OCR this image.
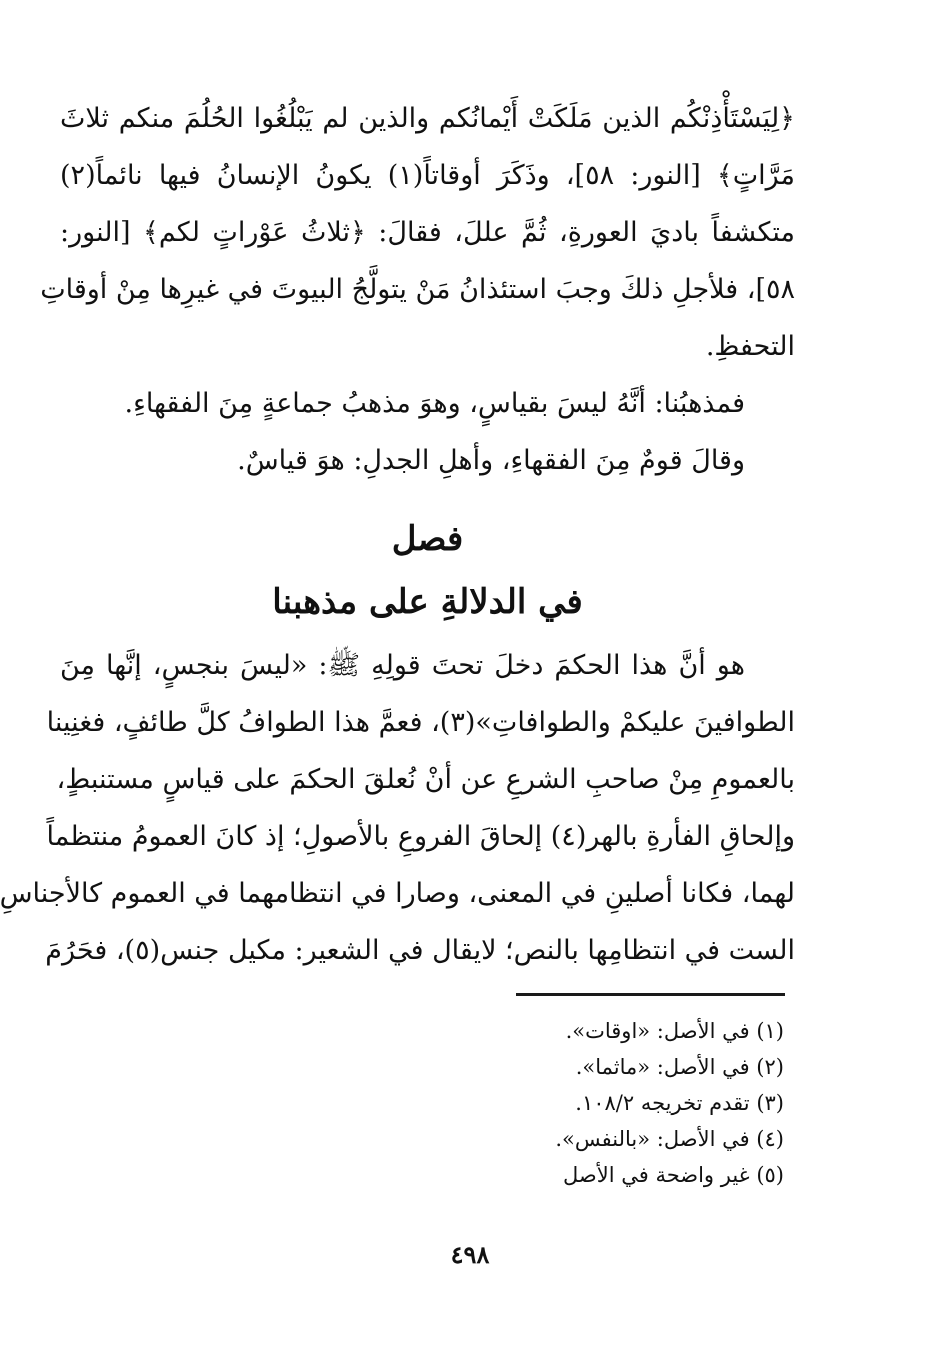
﴿لِيَسْتَأْذِنْكُم الذين مَلَكَتْ أَيْمانُكم والذين لم يَبْلُغُوا الحُلُمَ منكم ثلاثَ
مَرَّاتٍ﴾ [النور: ٥٨]، وذَكَرَ أوقاتاً(١) يكونُ الإنسانُ فيها نائماً(٢)
متكشفاً باديَ العورةِ، ثُمَّ عللَ، فقالَ: ﴿ثلاثُ عَوْراتٍ لكم﴾ [النور:
٥٨]، فلأجلِ ذلكَ وجبَ استئذانُ مَنْ يتولَّجُ البيوتَ في غيرِها مِنْ أوقاتِ
التحفظِ.

فمذهبُنا: أنَّهُ ليسَ بقياسٍ، وهوَ مذهبُ جماعةٍ مِنَ الفقهاءِ.

وقالَ قومٌ مِنَ الفقهاءِ، وأهلِ الجدلِ: هوَ قياسٌ.

فصل
في الدلالةِ على مذهبنا

هو أنَّ هذا الحكمَ دخلَ تحتَ قولِهِ ﷺ: «ليسَ بنجسٍ، إنَّها مِنَ
الطوافينَ عليكمْ والطوافاتِ»(٣)، فعمَّ هذا الطوافُ كلَّ طائفٍ، فغنِينا
بالعمومِ مِنْ صاحبِ الشرعِ عن أنْ نُعلقَ الحكمَ على قياسٍ مستنبطٍ،
وإلحاقِ الفأرةِ بالهر(٤) إلحاقَ الفروعِ بالأصولِ؛ إذ كانَ العمومُ منتظماً
لهما، فكانا أصلينِ في المعنى، وصارا في انتظامهما في العموم كالأجناسِ
الست في انتظامِها بالنص؛ لايقال في الشعير: مكيل جنس(٥)، فحَرُمَ

(١) في الأصل: «اوقات».
(٢) في الأصل: «ماثما».
(٣) تقدم تخريجه ١٠٨/٢.
(٤) في الأصل: «بالنفس».
(٥) غير واضحة في الأصل
٤٩٨
